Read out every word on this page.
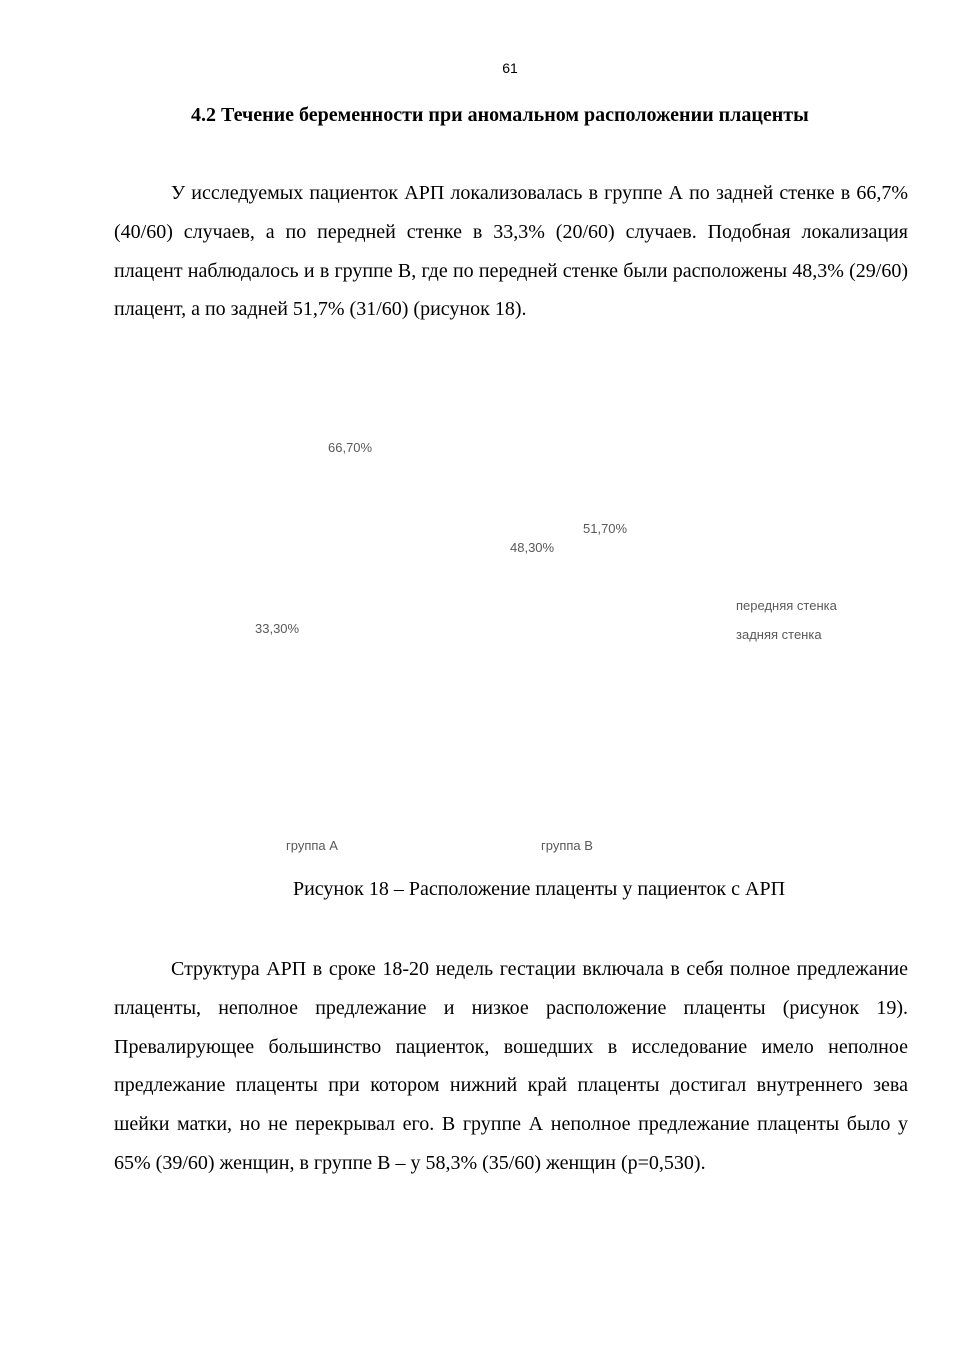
61
4.2 Течение беременности при аномальном расположении плаценты

У исследуемых пациенток АРП локализовалась в группе А по задней стенке в 66,7% (40/60) случаев, а по передней стенке в 33,3% (20/60) случаев. Подобная локализация плацент наблюдалось и в группе В, где по передней стенке были расположены 48,3% (29/60) плацент, а по задней 51,7% (31/60) (рисунок 18).

66,70%
33,30%
48,30%
51,70%
передняя стенка
задняя стенка
группа А	группа В
Рисунок 18 – Расположение плаценты у пациенток с АРП

Структура АРП в сроке 18-20 недель гестации включала в себя полное предлежание плаценты, неполное предлежание и низкое расположение плаценты (рисунок 19). Превалирующее большинство пациенток, вошедших в исследование имело неполное предлежание плаценты при котором нижний край плаценты достигал внутреннего зева шейки матки, но не перекрывал его. В группе А неполное предлежание плаценты было у 65% (39/60) женщин, в группе В – у 58,3% (35/60) женщин (р=0,530).
